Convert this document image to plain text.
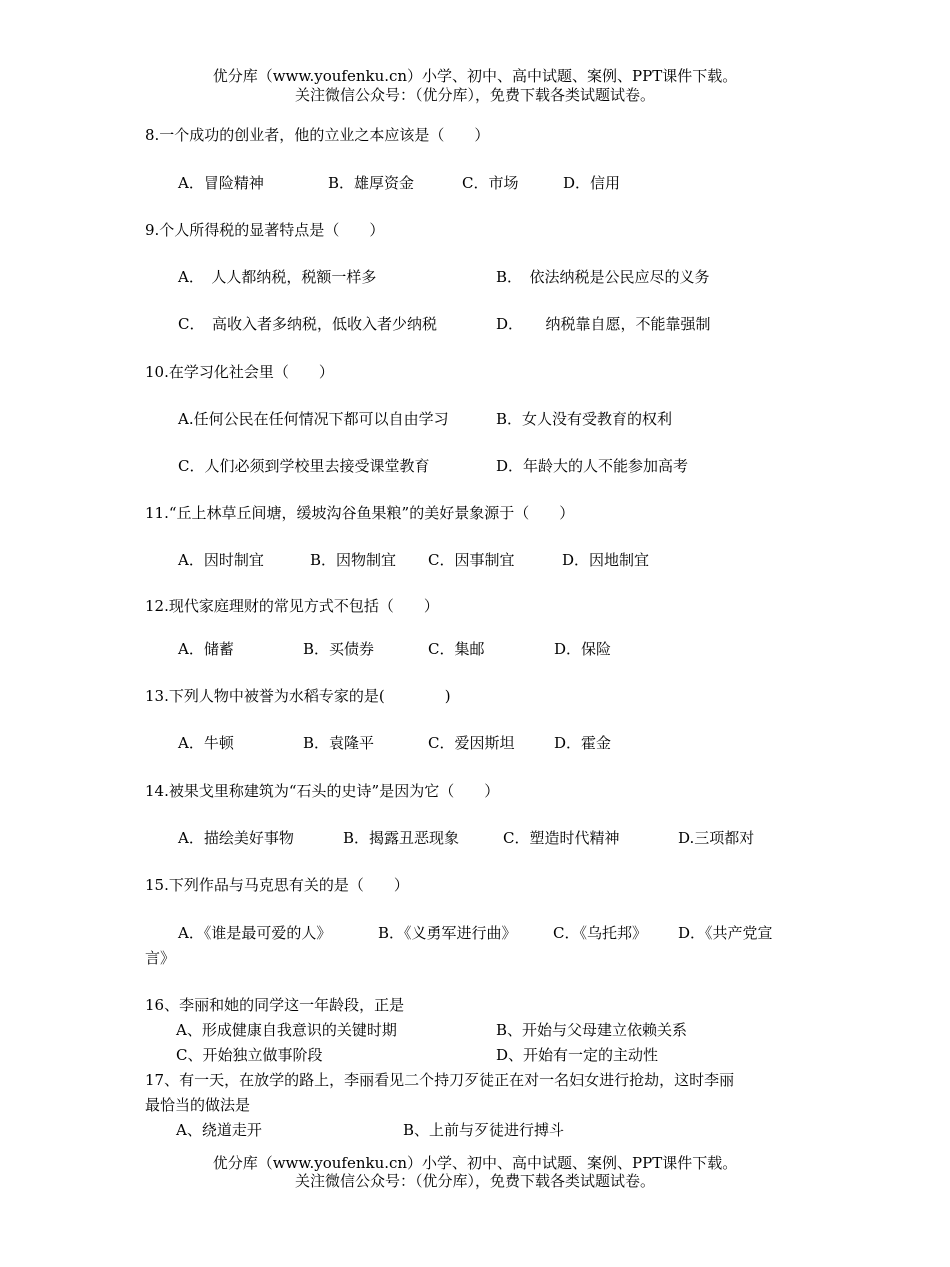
优分库（www.youfenku.cn）小学、初中、高中试题、案例、PPT课件下载。
关注微信公众号：（优分库），免费下载各类试题试卷。
8.一个成功的创业者，他的立业之本应该是（　　）
A．冒险精神	B．雄厚资金	C．市场	D．信用
9.个人所得税的显著特点是（　　）
A．　人人都纳税，税额一样多	B．　依法纳税是公民应尽的义务
C．　高收入者多纳税，低收入者少纳税	D．　　纳税靠自愿，不能靠强制
10.在学习化社会里（　　）
A.任何公民在任何情况下都可以自由学习	B．女人没有受教育的权利
C．人们必须到学校里去接受课堂教育	D．年龄大的人不能参加高考
11.“丘上林草丘间塘，缓坡沟谷鱼果粮”的美好景象源于（　　）
A．因时制宜	B．因物制宜 C．因事制宜	D．因地制宜
12.现代家庭理财的常见方式不包括（　　）
A．储蓄	B．买债券	C．集邮	D．保险
13.下列人物中被誉为水稻专家的是(　　　　)
A．牛顿	B．袁隆平	C．爱因斯坦	D．霍金
14.被果戈里称建筑为“石头的史诗”是因为它（　　）
A．描绘美好事物	B．揭露丑恶现象	C．塑造时代精神	D.三项都对
15.下列作品与马克思有关的是（　　）
A．《谁是最可爱的人》	B．《义勇军进行曲》 C．《乌托邦》 D．《共产党宣
言》
16、李丽和她的同学这一年龄段，正是
A、形成健康自我意识的关键时期	B、开始与父母建立依赖关系
C、开始独立做事阶段	D、开始有一定的主动性
17、有一天，在放学的路上，李丽看见二个持刀歹徒正在对一名妇女进行抢劫，这时李丽
最恰当的做法是
A、绕道走开	B、上前与歹徒进行搏斗
优分库（www.youfenku.cn）小学、初中、高中试题、案例、PPT课件下载。
关注微信公众号：（优分库），免费下载各类试题试卷。
